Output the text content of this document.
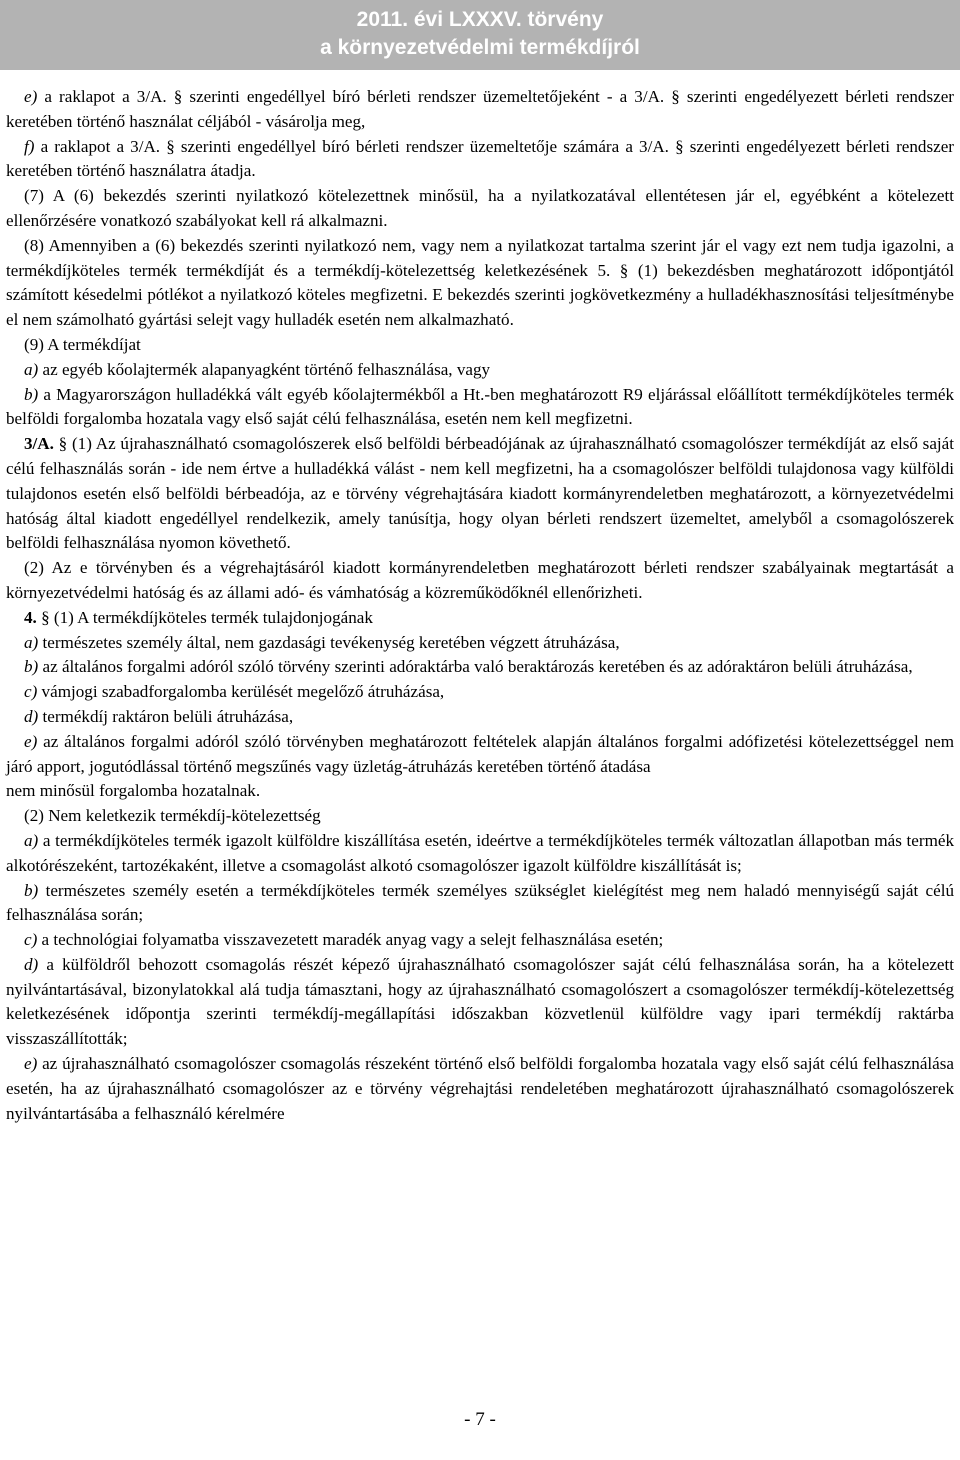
2011. évi LXXXV. törvény
a környezetvédelmi termékdíjról

e) a raklapot a 3/A. § szerinti engedéllyel bíró bérleti rendszer üzemeltetőjeként - a 3/A. § szerinti engedélyezett bérleti rendszer keretében történő használat céljából - vásárolja meg,

f) a raklapot a 3/A. § szerinti engedéllyel bíró bérleti rendszer üzemeltetője számára a 3/A. § szerinti engedélyezett bérleti rendszer keretében történő használatra átadja.

(7) A (6) bekezdés szerinti nyilatkozó kötelezettnek minősül, ha a nyilatkozatával ellentétesen jár el, egyébként a kötelezett ellenőrzésére vonatkozó szabályokat kell rá alkalmazni.

(8) Amennyiben a (6) bekezdés szerinti nyilatkozó nem, vagy nem a nyilatkozat tartalma szerint jár el vagy ezt nem tudja igazolni, a termékdíjköteles termék termékdíját és a termékdíj-kötelezettség keletkezésének 5. § (1) bekezdésben meghatározott időpontjától számított késedelmi pótlékot a nyilatkozó köteles megfizetni. E bekezdés szerinti jogkövetkezmény a hulladékhasznosítási teljesítménybe el nem számolható gyártási selejt vagy hulladék esetén nem alkalmazható.

(9) A termékdíjat

a) az egyéb kőolajtermék alapanyagként történő felhasználása, vagy

b) a Magyarországon hulladékká vált egyéb kőolajtermékből a Ht.-ben meghatározott R9 eljárással előállított termékdíjköteles termék belföldi forgalomba hozatala vagy első saját célú felhasználása, esetén nem kell megfizetni.

3/A. § (1) Az újrahasználható csomagolószerek első belföldi bérbeadójának az újrahasználható csomagolószer termékdíját az első saját célú felhasználás során - ide nem értve a hulladékká válást - nem kell megfizetni, ha a csomagolószer belföldi tulajdonosa vagy külföldi tulajdonos esetén első belföldi bérbeadója, az e törvény végrehajtására kiadott kormányrendeletben meghatározott, a környezetvédelmi hatóság által kiadott engedéllyel rendelkezik, amely tanúsítja, hogy olyan bérleti rendszert üzemeltet, amelyből a csomagolószerek belföldi felhasználása nyomon követhető.

(2) Az e törvényben és a végrehajtásáról kiadott kormányrendeletben meghatározott bérleti rendszer szabályainak megtartását a környezetvédelmi hatóság és az állami adó- és vámhatóság a közreműködőknél ellenőrizheti.

4. § (1) A termékdíjköteles termék tulajdonjogának

a) természetes személy által, nem gazdasági tevékenység keretében végzett átruházása,

b) az általános forgalmi adóról szóló törvény szerinti adóraktárba való beraktározás keretében és az adóraktáron belüli átruházása,

c) vámjogi szabadforgalomba kerülését megelőző átruházása,

d) termékdíj raktáron belüli átruházása,

e) az általános forgalmi adóról szóló törvényben meghatározott feltételek alapján általános forgalmi adófizetési kötelezettséggel nem járó apport, jogutódlással történő megszűnés vagy üzletág-átruházás keretében történő átadása

nem minősül forgalomba hozatalnak.

(2) Nem keletkezik termékdíj-kötelezettség

a) a termékdíjköteles termék igazolt külföldre kiszállítása esetén, ideértve a termékdíjköteles termék változatlan állapotban más termék alkotórészeként, tartozékaként, illetve a csomagolást alkotó csomagolószer igazolt külföldre kiszállítását is;

b) természetes személy esetén a termékdíjköteles termék személyes szükséglet kielégítést meg nem haladó mennyiségű saját célú felhasználása során;

c) a technológiai folyamatba visszavezetett maradék anyag vagy a selejt felhasználása esetén;

d) a külföldről behozott csomagolás részét képező újrahasználható csomagolószer saját célú felhasználása során, ha a kötelezett nyilvántartásával, bizonylatokkal alá tudja támasztani, hogy az újrahasználható csomagolószert a csomagolószer termékdíj-kötelezettség keletkezésének időpontja szerinti termékdíj-megállapítási időszakban közvetlenül külföldre vagy ipari termékdíj raktárba visszaszállították;

e) az újrahasználható csomagolószer csomagolás részeként történő első belföldi forgalomba hozatala vagy első saját célú felhasználása esetén, ha az újrahasználható csomagolószer az e törvény végrehajtási rendeletében meghatározott újrahasználható csomagolószerek nyilvántartásába a felhasználó kérelmére

- 7 -
